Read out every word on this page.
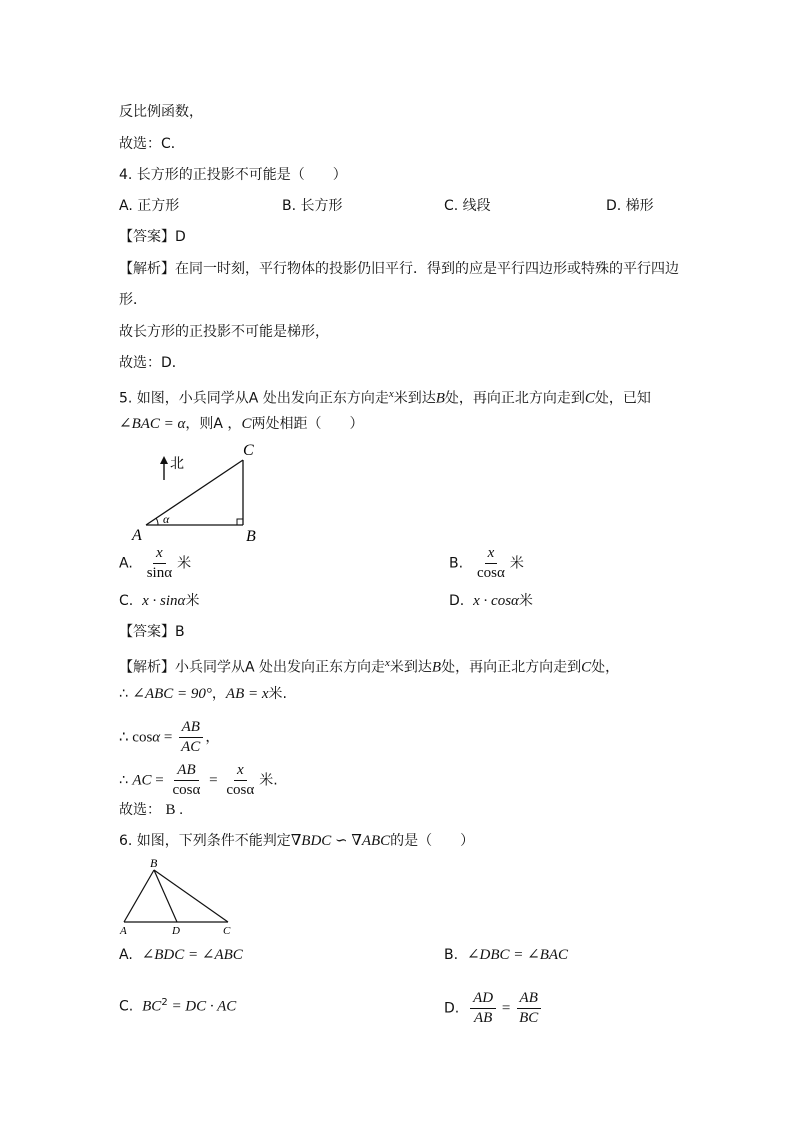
反比例函数，
故选：C．
4. 长方形的正投影不可能是（　　）
A. 正方形	B. 长方形	C. 线段	D. 梯形
【答案】D
【解析】在同一时刻，平行物体的投影仍旧平行．得到的应是平行四边形或特殊的平行四边
形．
故长方形的正投影不可能是梯形，
故选：D．
5. 如图，小兵同学从A 处出发向正东方向走$^x$米到达B处，再向正北方向走到C处，已知
∠BAC = α，则A ，C两处相距（　　）
北
α
A	B
C
A. $\frac{x}{\sin\alpha}$ 米	B. $\frac{x}{\cos\alpha}$ 米
C. x · sinα米	D. x · cosα米
【答案】B
【解析】小兵同学从A 处出发向正东方向走$^x$米到达B处，再向正北方向走到C处，
∴ ∠ABC = 90°，AB = x米.
∴ $\cos\alpha = \frac{AB}{AC}$ ，
∴ AC = $\frac{AB}{\cos\alpha} = \frac{x}{\cos\alpha}$ 米.
故选： B .
6. 如图，下列条件不能判定∇BDC ∽ ∇ABC的是（　　）
B
A	D	C
A. ∠BDC = ∠ABC	B. ∠DBC = ∠BAC
C. $BC^2$ = DC · AC	D. $\frac{AD}{AB} = \frac{AB}{BC}$
